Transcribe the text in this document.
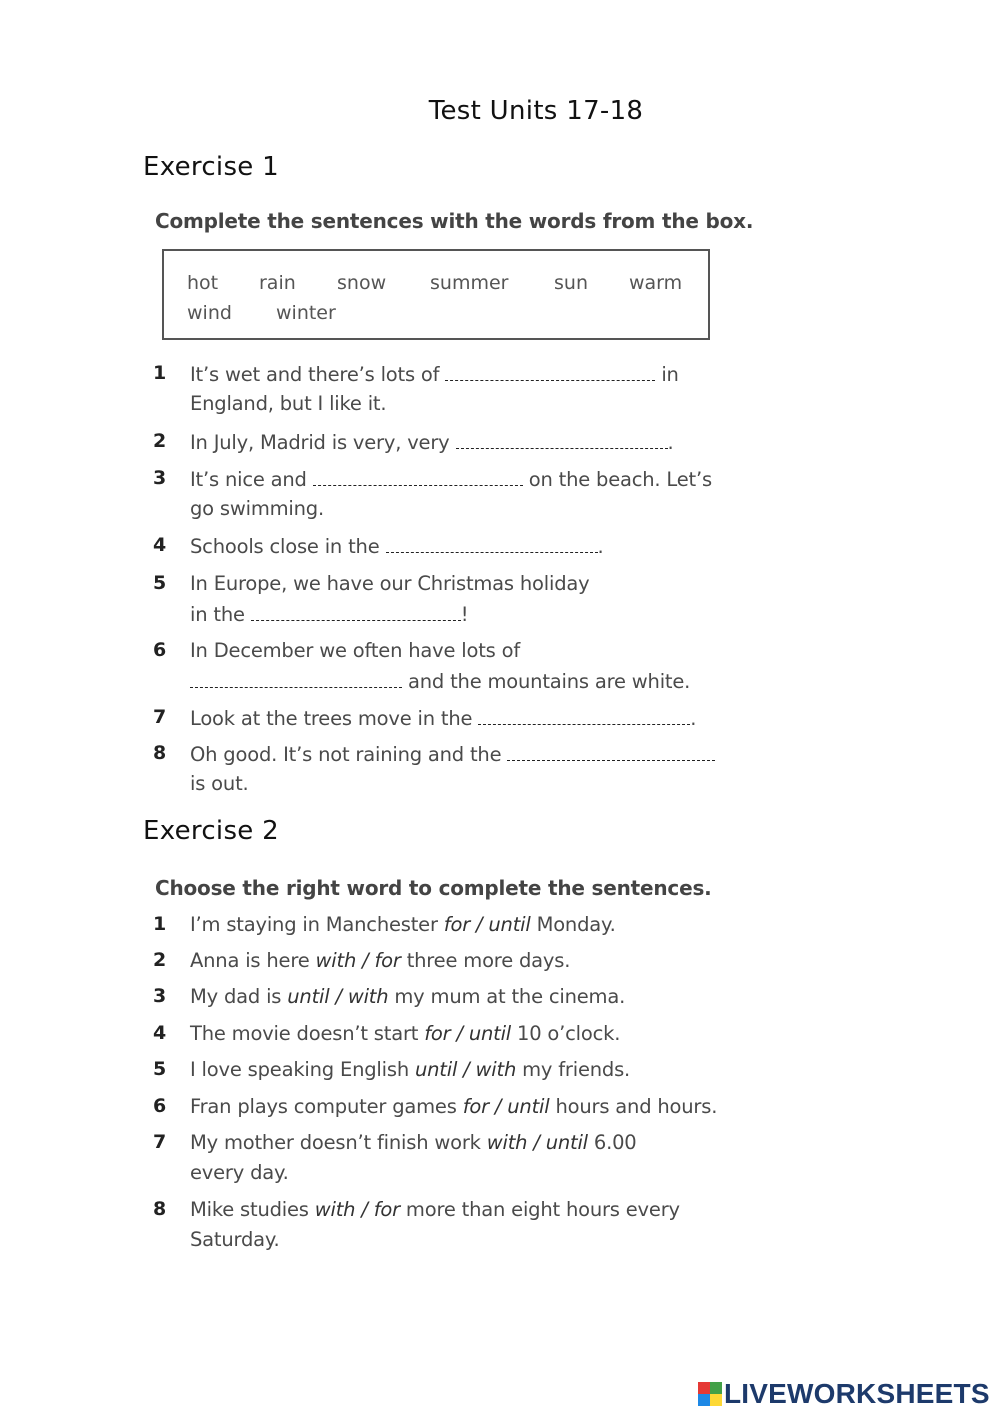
Test Units 17-18
Exercise 1
Complete the sentences with the words from the box.
hot rain snow summer sun warm
wind winter
1 It’s wet and there’s lots of	in
England, but I like it.
2 In July, Madrid is very, very	.
3 It’s nice and	on the beach. Let’s
go swimming.
4 Schools close in the	.
5 In Europe, we have our Christmas holiday
in the	!
6 In December we often have lots of
and the mountains are white.
7 Look at the trees move in the	.
8 Oh good. It’s not raining and the
is out.
Exercise 2
Choose the right word to complete the sentences.
1 I’m staying in Manchester for / until Monday.
2 Anna is here with / for three more days.
3 My dad is until / with my mum at the cinema.
4 The movie doesn’t start for / until 10 o’clock.
5 I love speaking English until / with my friends.
6 Fran plays computer games for / until hours and hours.
7 My mother doesn’t finish work with / until 6.00
every day.
8 Mike studies with / for more than eight hours every
Saturday.
LIVEWORKSHEETS
